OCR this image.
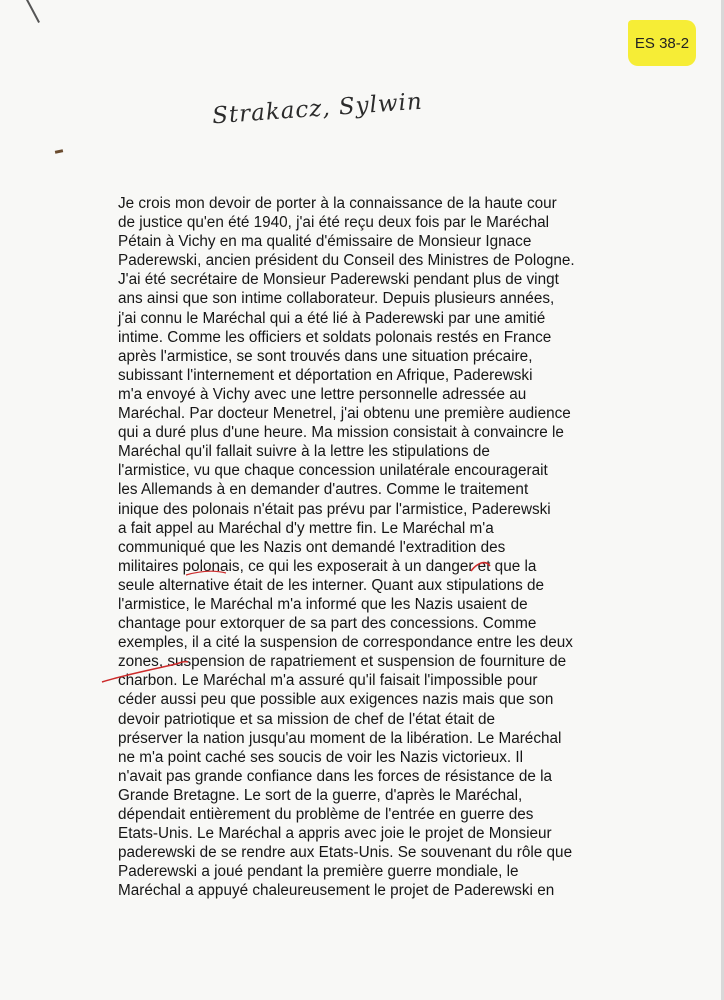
ES 38-2
Strakacz, Sylwin
Je crois mon devoir de porter à la connaissance de la haute cour
de justice qu'en été 1940, j'ai été reçu deux fois par le Maréchal
Pétain à Vichy en ma qualité d'émissaire de Monsieur Ignace
Paderewski, ancien président du Conseil des Ministres de Pologne.
J'ai été secrétaire de Monsieur Paderewski pendant plus de vingt
ans ainsi que son intime collaborateur. Depuis plusieurs années,
j'ai connu le Maréchal qui a été lié à Paderewski par une amitié
intime. Comme les officiers et soldats polonais restés en France
après l'armistice, se sont trouvés dans une situation précaire,
subissant l'internement et déportation en Afrique, Paderewski
m'a envoyé à Vichy avec une lettre personnelle adressée au
Maréchal. Par docteur Menetrel, j'ai obtenu une première audience
qui a duré plus d'une heure. Ma mission consistait à convaincre le
Maréchal qu'il fallait suivre à la lettre les stipulations de
l'armistice, vu que chaque concession unilatérale encouragerait
les Allemands à en demander d'autres. Comme le traitement
inique des polonais n'était pas prévu par l'armistice, Paderewski
a fait appel au Maréchal d'y mettre fin. Le Maréchal m'a
communiqué que les Nazis ont demandé l'extradition des
militaires polonais, ce qui les exposerait à un danger et que la
seule alternative était de les interner. Quant aux stipulations de
l'armistice, le Maréchal m'a informé que les Nazis usaient de
chantage pour extorquer de sa part des concessions. Comme
exemples, il a cité la suspension de correspondance entre les deux
zones, suspension de rapatriement et suspension de fourniture de
charbon. Le Maréchal m'a assuré qu'il faisait l'impossible pour
céder aussi peu que possible aux exigences nazis mais que son
devoir patriotique et sa mission de chef de l'état était de
préserver la nation jusqu'au moment de la libération. Le Maréchal
ne m'a point caché ses soucis de voir les Nazis victorieux. Il
n'avait pas grande confiance dans les forces de résistance de la
Grande Bretagne. Le sort de la guerre, d'après le Maréchal,
dépendait entièrement du problème de l'entrée en guerre des
Etats-Unis. Le Maréchal a appris avec joie le projet de Monsieur
paderewski de se rendre aux Etats-Unis. Se souvenant du rôle que
Paderewski a joué pendant la première guerre mondiale, le
Maréchal a appuyé chaleureusement le projet de Paderewski en
